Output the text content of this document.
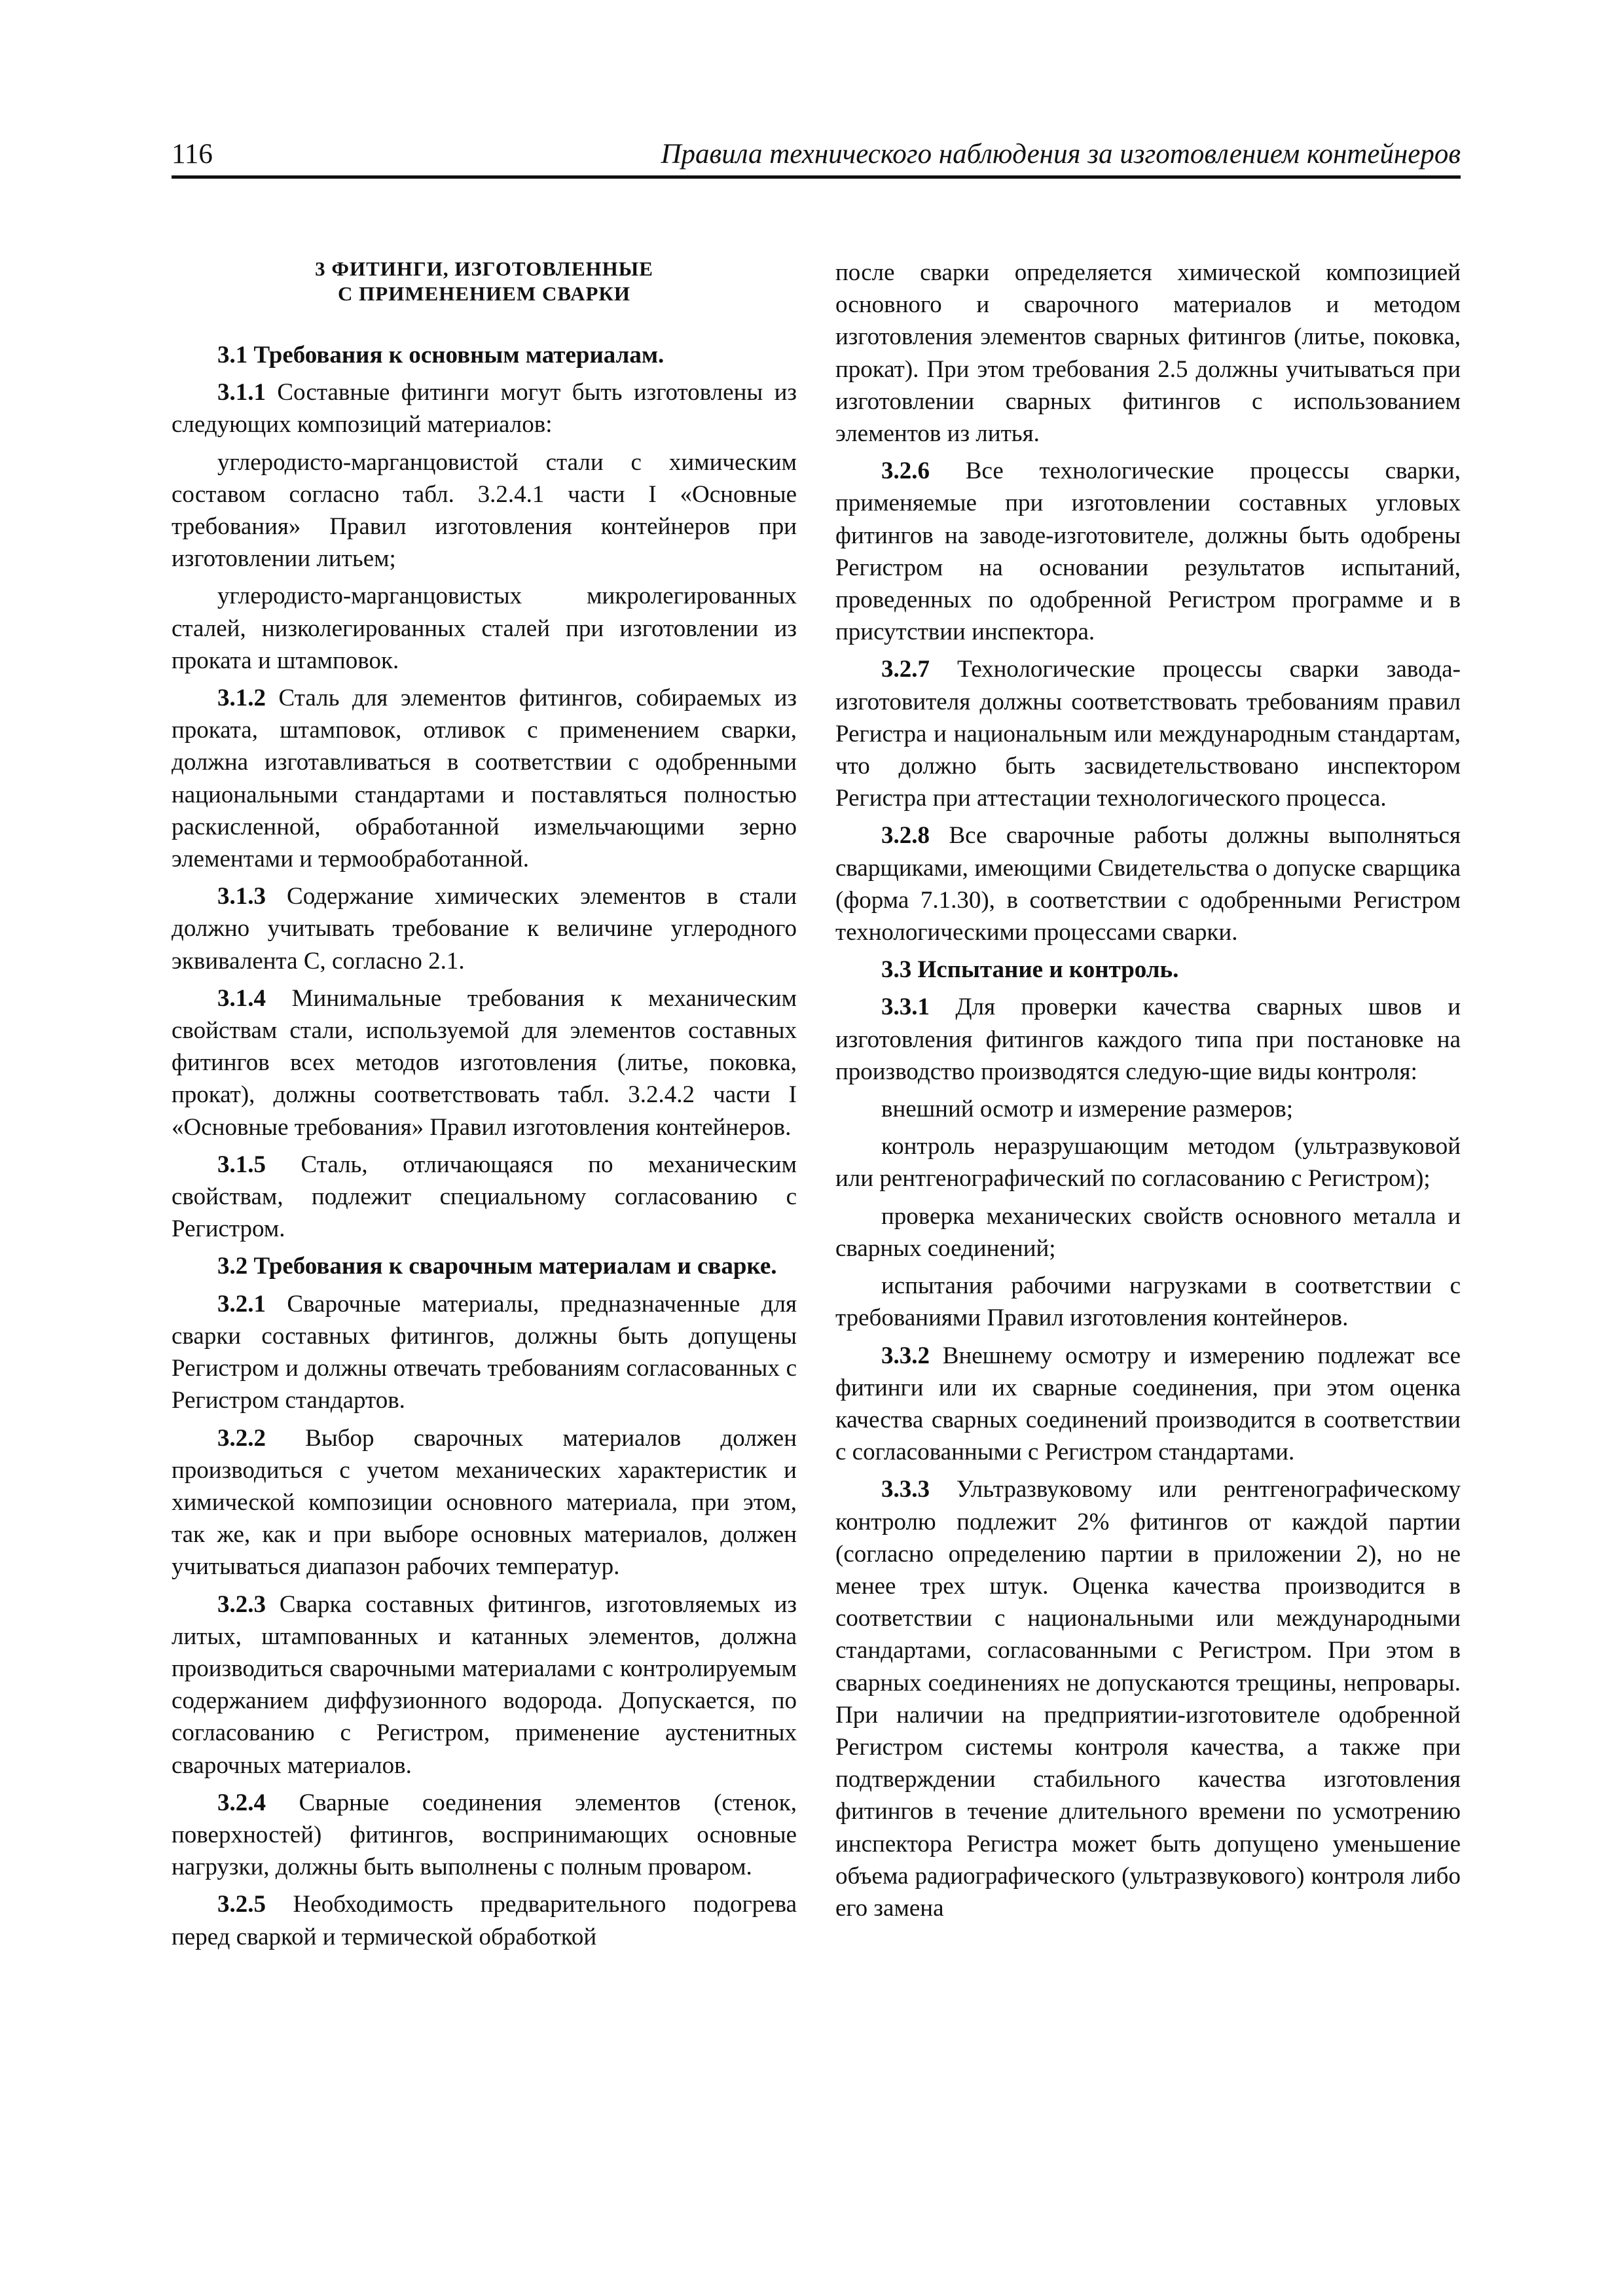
116	Правила технического наблюдения за изготовлением контейнеров
3 ФИТИНГИ, ИЗГОТОВЛЕННЫЕ
С ПРИМЕНЕНИЕМ СВАРКИ

3.1 Требования к основным материалам.

3.1.1 Составные фитинги могут быть изготовлены из следующих композиций материалов:

углеродисто-марганцовистой стали с химическим составом согласно табл. 3.2.4.1 части I «Основные требования» Правил изготовления контейнеров при изготовлении литьем;

углеродисто-марганцовистых микролегированных сталей, низколегированных сталей при изготовлении из проката и штамповок.

3.1.2 Сталь для элементов фитингов, собираемых из проката, штамповок, отливок с применением сварки, должна изготавливаться в соответствии с одобренными национальными стандартами и поставляться полностью раскисленной, обработанной измельчающими зерно элементами и термообработанной.

3.1.3 Содержание химических элементов в стали должно учитывать требование к величине углеродного эквивалента C, согласно 2.1.

3.1.4 Минимальные требования к механическим свойствам стали, используемой для элементов составных фитингов всех методов изготовления (литье, поковка, прокат), должны соответствовать табл. 3.2.4.2 части I «Основные требования» Правил изготовления контейнеров.

3.1.5 Сталь, отличающаяся по механическим свойствам, подлежит специальному согласованию с Регистром.

3.2 Требования к сварочным материалам и сварке.

3.2.1 Сварочные материалы, предназначенные для сварки составных фитингов, должны быть допущены Регистром и должны отвечать требованиям согласованных с Регистром стандартов.

3.2.2 Выбор сварочных материалов должен производиться с учетом механических характеристик и химической композиции основного материала, при этом, так же, как и при выборе основных материалов, должен учитываться диапазон рабочих температур.

3.2.3 Сварка составных фитингов, изготовляемых из литых, штампованных и катанных элементов, должна производиться сварочными материалами с контролируемым содержанием диффузионного водорода. Допускается, по согласованию с Регистром, применение аустенитных сварочных материалов.

3.2.4 Сварные соединения элементов (стенок, поверхностей) фитингов, воспринимающих основные нагрузки, должны быть выполнены с полным проваром.

3.2.5 Необходимость предварительного подогрева перед сваркой и термической обработкой

после сварки определяется химической композицией основного и сварочного материалов и методом изготовления элементов сварных фитингов (литье, поковка, прокат). При этом требования 2.5 должны учитываться при изготовлении сварных фитингов с использованием элементов из литья.

3.2.6 Все технологические процессы сварки, применяемые при изготовлении составных угловых фитингов на заводе-изготовителе, должны быть одобрены Регистром на основании результатов испытаний, проведенных по одобренной Регистром программе и в присутствии инспектора.

3.2.7 Технологические процессы сварки завода-изготовителя должны соответствовать требованиям правил Регистра и национальным или международным стандартам, что должно быть засвидетельствовано инспектором Регистра при аттестации технологического процесса.

3.2.8 Все сварочные работы должны выполняться сварщиками, имеющими Свидетельства о допуске сварщика (форма 7.1.30), в соответствии с одобренными Регистром технологическими процессами сварки.

3.3 Испытание и контроль.

3.3.1 Для проверки качества сварных швов и изготовления фитингов каждого типа при постановке на производство производятся следую-щие виды контроля:

внешний осмотр и измерение размеров;

контроль неразрушающим методом (ультразвуковой или рентгенографический по согласованию с Регистром);

проверка механических свойств основного металла и сварных соединений;

испытания рабочими нагрузками в соответствии с требованиями Правил изготовления контейнеров.

3.3.2 Внешнему осмотру и измерению подлежат все фитинги или их сварные соединения, при этом оценка качества сварных соединений производится в соответствии с согласованными с Регистром стандартами.

3.3.3 Ультразвуковому или рентгенографическому контролю подлежит 2% фитингов от каждой партии (согласно определению партии в приложении 2), но не менее трех штук. Оценка качества производится в соответствии с национальными или международными стандартами, согласованными с Регистром. При этом в сварных соединениях не допускаются трещины, непровары. При наличии на предприятии-изготовителе одобренной Регистром системы контроля качества, а также при подтверждении стабильного качества изготовления фитингов в течение длительного времени по усмотрению инспектора Регистра может быть допущено уменьшение объема радиографического (ультразвукового) контроля либо его замена
